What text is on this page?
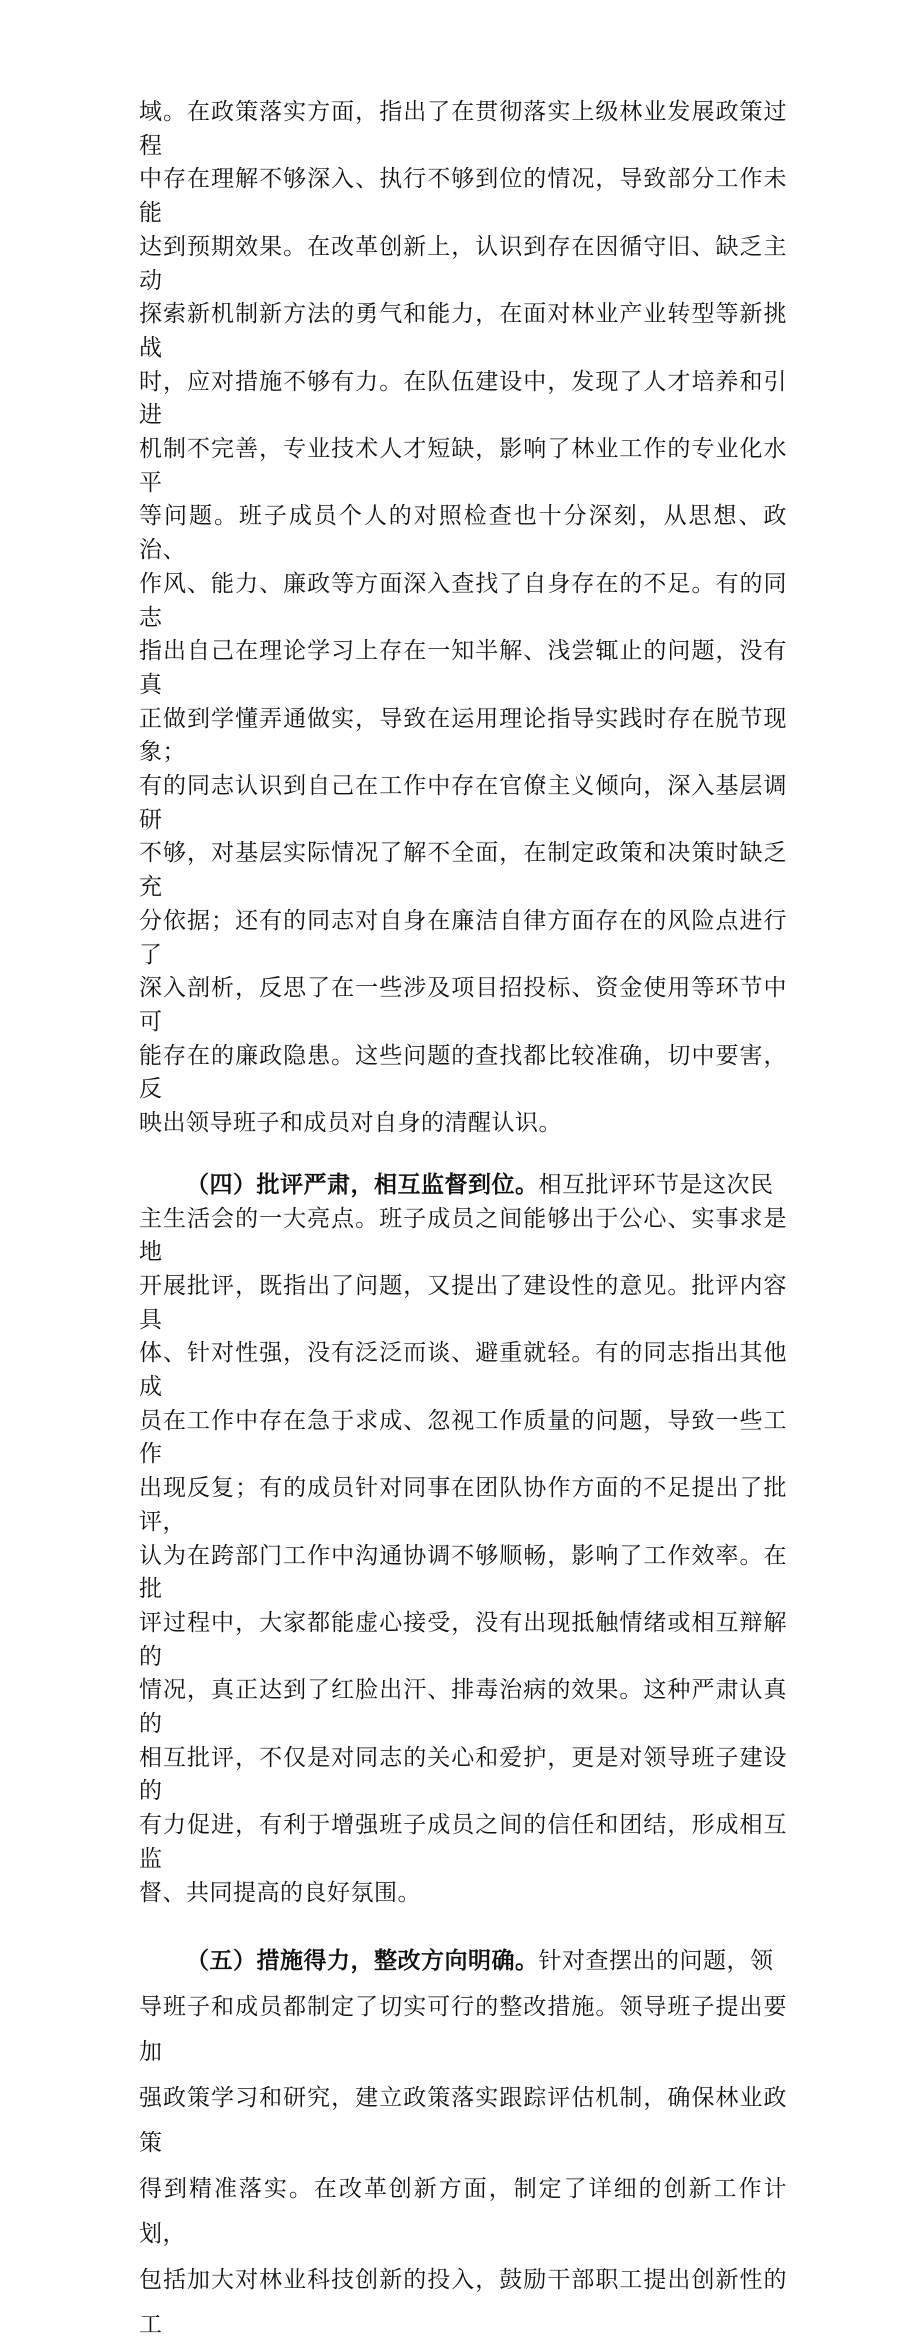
域。在政策落实方面，指出了在贯彻落实上级林业发展政策过程
中存在理解不够深入、执行不够到位的情况，导致部分工作未能
达到预期效果。在改革创新上，认识到存在因循守旧、缺乏主动
探索新机制新方法的勇气和能力，在面对林业产业转型等新挑战
时，应对措施不够有力。在队伍建设中，发现了人才培养和引进
机制不完善，专业技术人才短缺，影响了林业工作的专业化水平
等问题。班子成员个人的对照检查也十分深刻，从思想、政治、
作风、能力、廉政等方面深入查找了自身存在的不足。有的同志
指出自己在理论学习上存在一知半解、浅尝辄止的问题，没有真
正做到学懂弄通做实，导致在运用理论指导实践时存在脱节现象；
有的同志认识到自己在工作中存在官僚主义倾向，深入基层调研
不够，对基层实际情况了解不全面，在制定政策和决策时缺乏充
分依据；还有的同志对自身在廉洁自律方面存在的风险点进行了
深入剖析，反思了在一些涉及项目招投标、资金使用等环节中可
能存在的廉政隐患。这些问题的查找都比较准确，切中要害，反
映出领导班子和成员对自身的清醒认识。

  （四）批评严肃，相互监督到位。相互批评环节是这次民
主生活会的一大亮点。班子成员之间能够出于公心、实事求是地
开展批评，既指出了问题，又提出了建设性的意见。批评内容具
体、针对性强，没有泛泛而谈、避重就轻。有的同志指出其他成
员在工作中存在急于求成、忽视工作质量的问题，导致一些工作
出现反复；有的成员针对同事在团队协作方面的不足提出了批评，
认为在跨部门工作中沟通协调不够顺畅，影响了工作效率。在批
评过程中，大家都能虚心接受，没有出现抵触情绪或相互辩解的
情况，真正达到了红脸出汗、排毒治病的效果。这种严肃认真的
相互批评，不仅是对同志的关心和爱护，更是对领导班子建设的
有力促进，有利于增强班子成员之间的信任和团结，形成相互监
督、共同提高的良好氛围。

  （五）措施得力，整改方向明确。针对查摆出的问题，领
导班子和成员都制定了切实可行的整改措施。领导班子提出要加
强政策学习和研究，建立政策落实跟踪评估机制，确保林业政策
得到精准落实。在改革创新方面，制定了详细的创新工作计划，
包括加大对林业科技创新的投入，鼓励干部职工提出创新性的工
